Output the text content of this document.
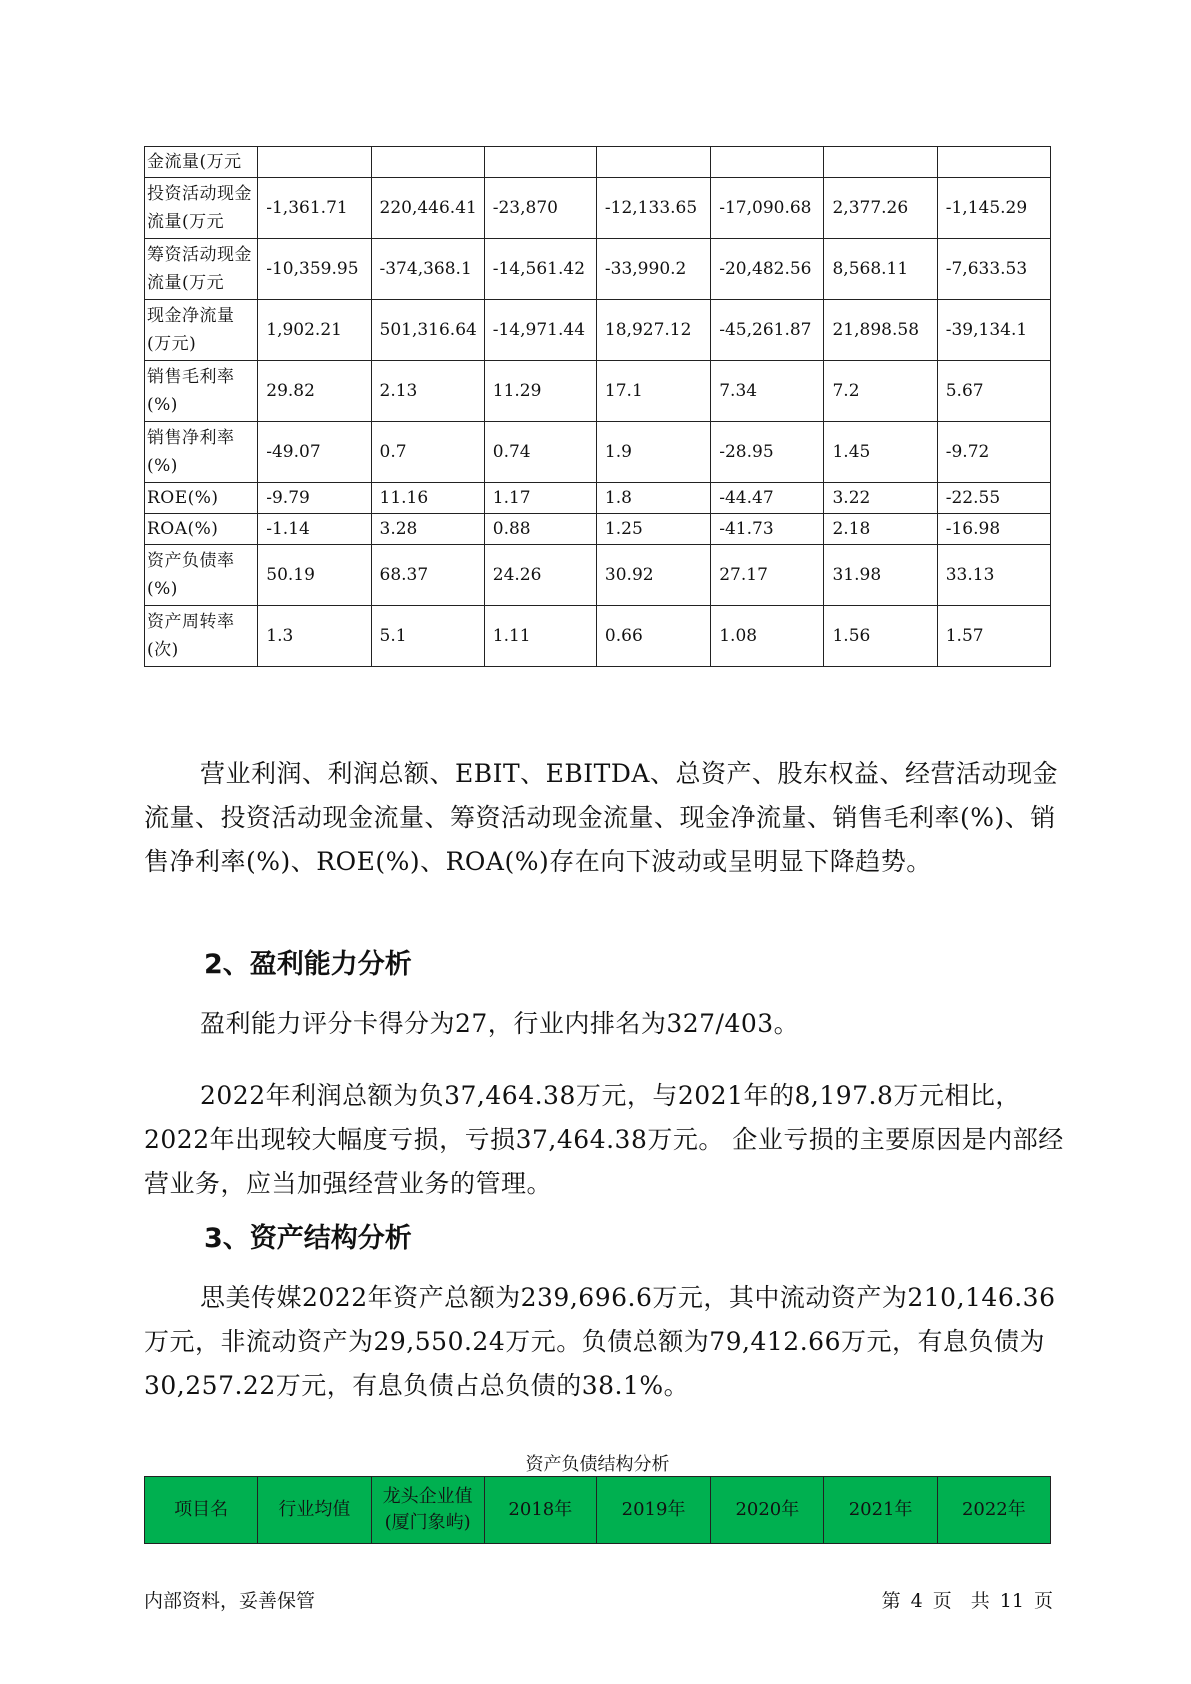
金流量(万元							
投资活动现金流量(万元	-1,361.71	220,446.41	-23,870	-12,133.65	-17,090.68	2,377.26	-1,145.29
筹资活动现金流量(万元	-10,359.95	-374,368.1	-14,561.42	-33,990.2	-20,482.56	8,568.11	-7,633.53
现金净流量(万元)	1,902.21	501,316.64	-14,971.44	18,927.12	-45,261.87	21,898.58	-39,134.1
销售毛利率(%)	29.82	2.13	11.29	17.1	7.34	7.2	5.67
销售净利率(%)	-49.07	0.7	0.74	1.9	-28.95	1.45	-9.72
ROE(%)	-9.79	11.16	1.17	1.8	-44.47	3.22	-22.55
ROA(%)	-1.14	3.28	0.88	1.25	-41.73	2.18	-16.98
资产负债率(%)	50.19	68.37	24.26	30.92	27.17	31.98	33.13
资产周转率(次)	1.3	5.1	1.11	0.66	1.08	1.56	1.57
营业利润、利润总额、EBIT、EBITDA、总资产、股东权益、经营活动现金流量、投资活动现金流量、筹资活动现金流量、现金净流量、销售毛利率(%)、销售净利率(%)、ROE(%)、ROA(%)存在向下波动或呈明显下降趋势。
2、盈利能力分析
盈利能力评分卡得分为27，行业内排名为327/403。
2022年利润总额为负37,464.38万元，与2021年的8,197.8万元相比，2022年出现较大幅度亏损，亏损37,464.38万元。 企业亏损的主要原因是内部经营业务，应当加强经营业务的管理。
3、资产结构分析
思美传媒2022年资产总额为239,696.6万元，其中流动资产为210,146.36万元，非流动资产为29,550.24万元。负债总额为79,412.66万元，有息负债为30,257.22万元，有息负债占总负债的38.1%。
资产负债结构分析
项目名	行业均值	龙头企业值(厦门象屿)	2018年	2019年	2020年	2021年	2022年
内部资料，妥善保管	第 4 页　共 11 页
